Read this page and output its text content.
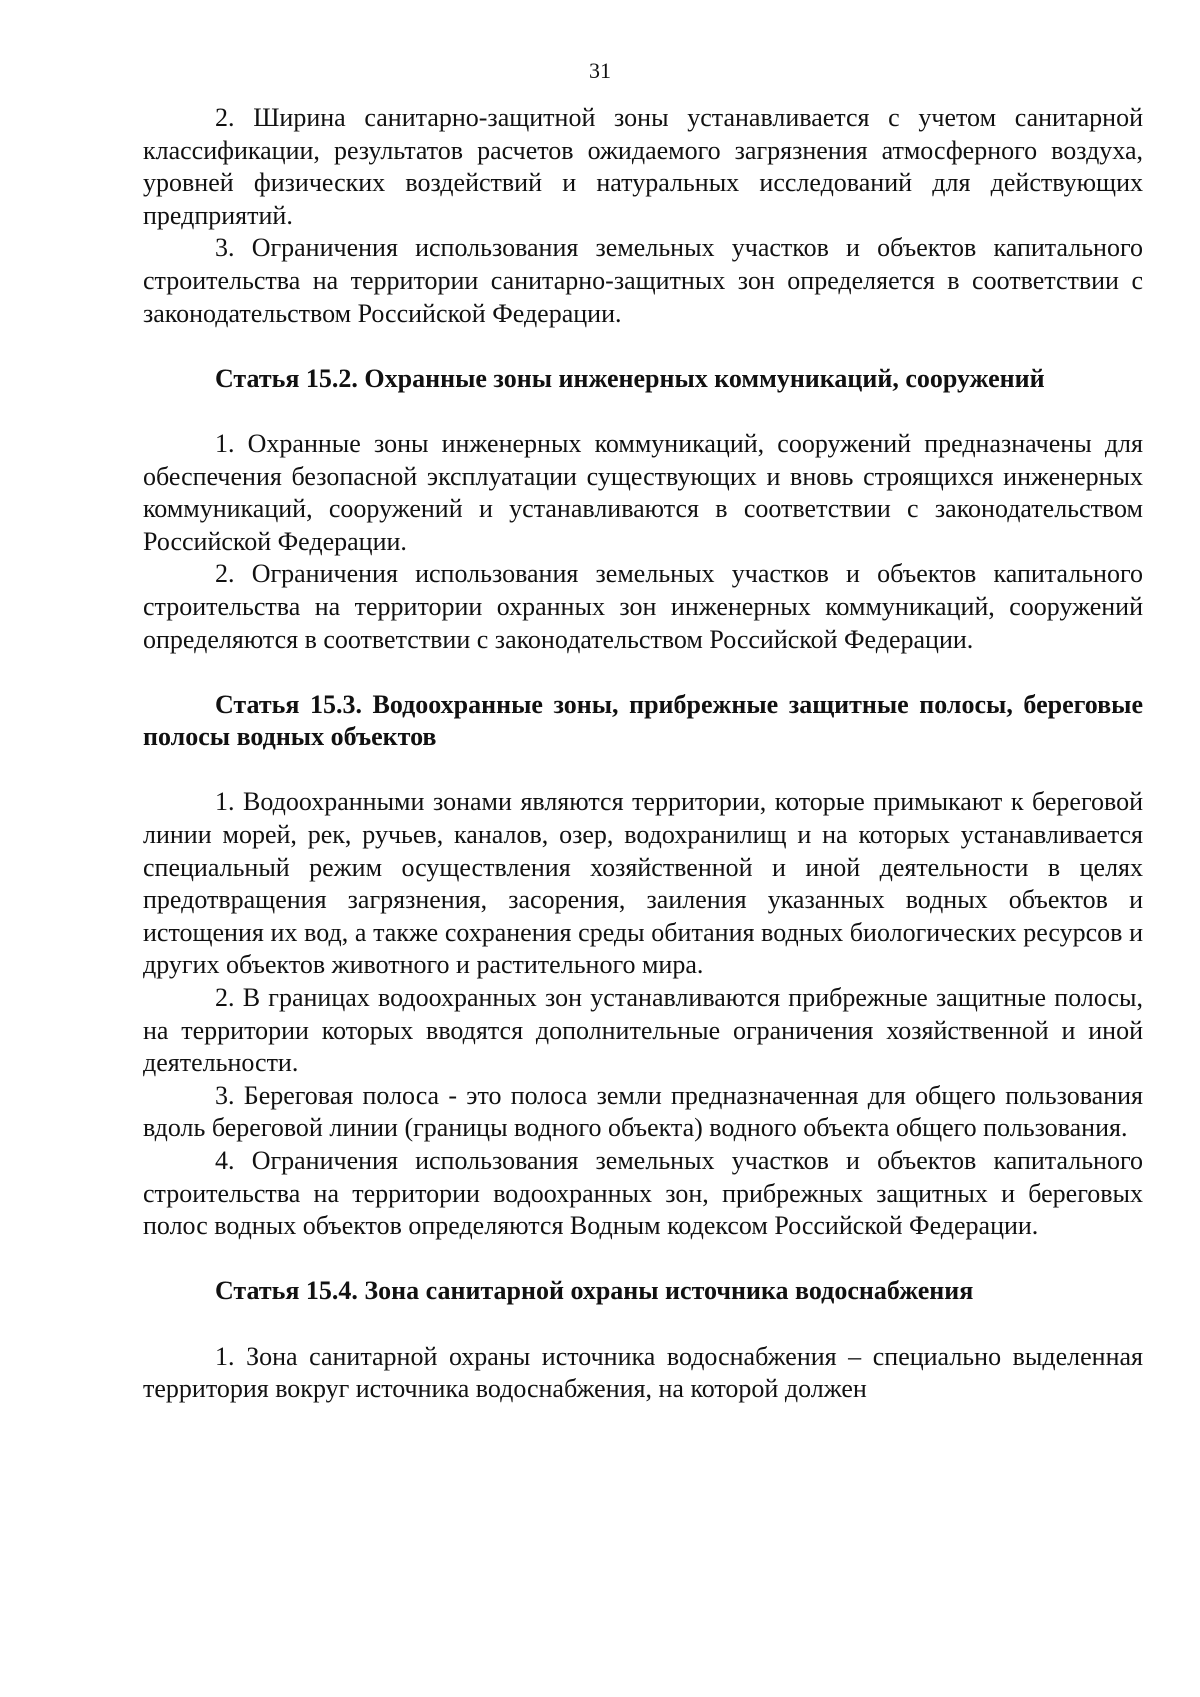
31

2. Ширина санитарно-защитной зоны устанавливается с учетом санитарной классификации, результатов расчетов ожидаемого загрязнения атмосферного воздуха, уровней физических воздействий и натуральных исследований для действующих предприятий.

3. Ограничения использования земельных участков и объектов капитального строительства на территории санитарно-защитных зон определяется в соответствии с законодательством Российской Федерации.

Статья 15.2. Охранные зоны инженерных коммуникаций, сооружений

1. Охранные зоны инженерных коммуникаций, сооружений предназначены для обеспечения безопасной эксплуатации существующих и вновь строящихся инженерных коммуникаций, сооружений и устанавливаются в соответствии с законодательством Российской Федерации.

2. Ограничения использования земельных участков и объектов капитального строительства на территории охранных зон инженерных коммуникаций, сооружений определяются в соответствии с законодательством Российской Федерации.

Статья 15.3. Водоохранные зоны, прибрежные защитные полосы, береговые полосы водных объектов

1. Водоохранными зонами являются территории, которые примыкают к береговой линии морей, рек, ручьев, каналов, озер, водохранилищ и на которых устанавливается специальный режим осуществления хозяйственной и иной деятельности в целях предотвращения загрязнения, засорения, заиления указанных водных объектов и истощения их вод, а также сохранения среды обитания водных биологических ресурсов и других объектов животного и растительного мира.

2. В границах водоохранных зон устанавливаются прибрежные защитные полосы, на территории которых вводятся дополнительные ограничения хозяйственной и иной деятельности.

3. Береговая полоса - это полоса земли предназначенная для общего пользования вдоль береговой линии (границы водного объекта) водного объекта общего пользования.

4. Ограничения использования земельных участков и объектов капитального строительства на территории водоохранных зон, прибрежных защитных и береговых полос водных объектов определяются Водным кодексом Российской Федерации.

Статья 15.4. Зона санитарной охраны источника водоснабжения

1. Зона санитарной охраны источника водоснабжения – специально выделенная территория вокруг источника водоснабжения, на которой должен
